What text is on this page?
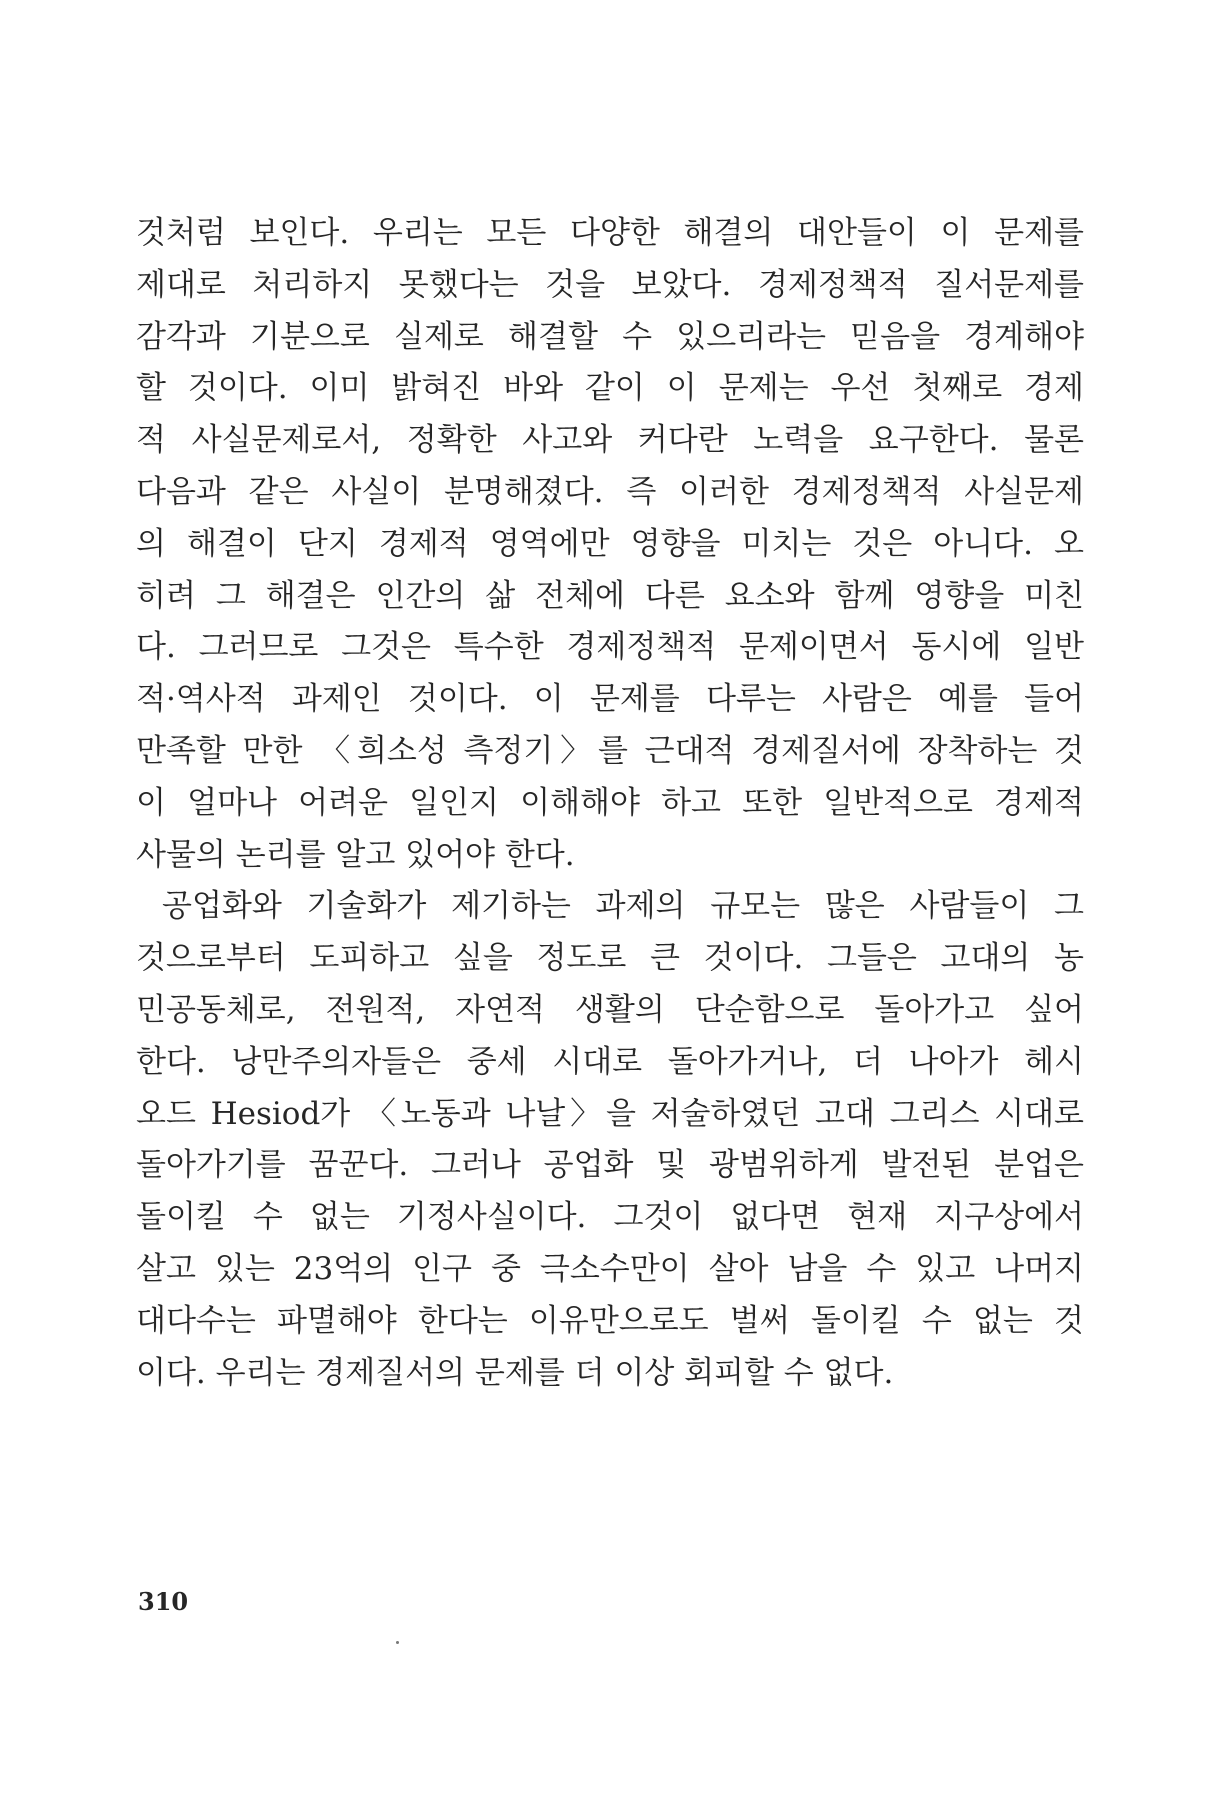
것처럼 보인다. 우리는 모든 다양한 해결의 대안들이 이 문제를
제대로 처리하지 못했다는 것을 보았다. 경제정책적 질서문제를
감각과 기분으로 실제로 해결할 수 있으리라는 믿음을 경계해야
할 것이다. 이미 밝혀진 바와 같이 이 문제는 우선 첫째로 경제
적 사실문제로서, 정확한 사고와 커다란 노력을 요구한다. 물론
다음과 같은 사실이 분명해졌다. 즉 이러한 경제정책적 사실문제
의 해결이 단지 경제적 영역에만 영향을 미치는 것은 아니다. 오
히려 그 해결은 인간의 삶 전체에 다른 요소와 함께 영향을 미친
다. 그러므로 그것은 특수한 경제정책적 문제이면서 동시에 일반
적·역사적 과제인 것이다. 이 문제를 다루는 사람은 예를 들어
만족할 만한 〈희소성 측정기〉를 근대적 경제질서에 장착하는 것
이 얼마나 어려운 일인지 이해해야 하고 또한 일반적으로 경제적
사물의 논리를 알고 있어야 한다.
공업화와 기술화가 제기하는 과제의 규모는 많은 사람들이 그
것으로부터 도피하고 싶을 정도로 큰 것이다. 그들은 고대의 농
민공동체로, 전원적, 자연적 생활의 단순함으로 돌아가고 싶어
한다. 낭만주의자들은 중세 시대로 돌아가거나, 더 나아가 헤시
오드 Hesiod가 〈노동과 나날〉을 저술하였던 고대 그리스 시대로
돌아가기를 꿈꾼다. 그러나 공업화 및 광범위하게 발전된 분업은
돌이킬 수 없는 기정사실이다. 그것이 없다면 현재 지구상에서
살고 있는 23억의 인구 중 극소수만이 살아 남을 수 있고 나머지
대다수는 파멸해야 한다는 이유만으로도 벌써 돌이킬 수 없는 것
이다. 우리는 경제질서의 문제를 더 이상 회피할 수 없다.
310
